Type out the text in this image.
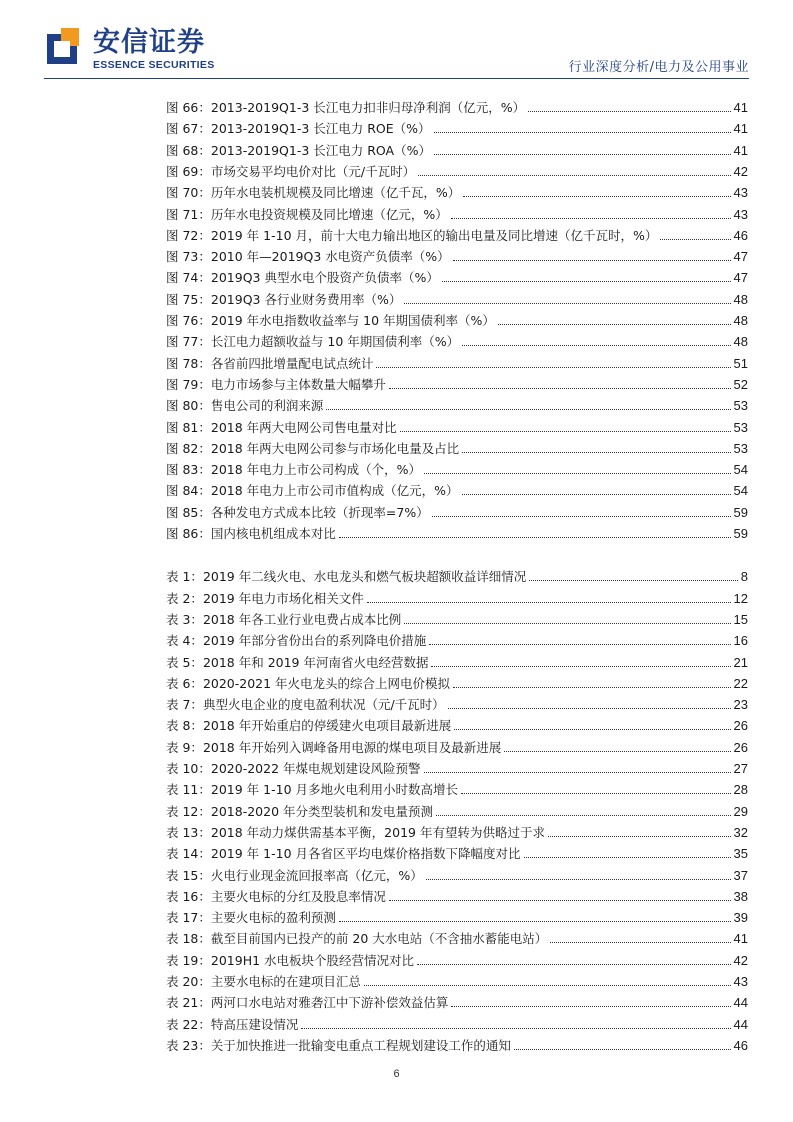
安信证券
ESSENCE SECURITIES	行业深度分析/电力及公用事业
图 66： 2013-2019Q1-3 长江电力扣非归母净利润（亿元，%）	41
图 67： 2013-2019Q1-3 长江电力 ROE（%）	41
图 68： 2013-2019Q1-3 长江电力 ROA（%）	41
图 69： 市场交易平均电价对比（元/千瓦时）	42
图 70： 历年水电装机规模及同比增速（亿千瓦，%）	43
图 71： 历年水电投资规模及同比增速（亿元，%）	43
图 72： 2019 年 1-10 月，前十大电力输出地区的输出电量及同比增速（亿千瓦时，%）	46
图 73： 2010 年—2019Q3 水电资产负债率（%）	47
图 74： 2019Q3 典型水电个股资产负债率（%）	47
图 75： 2019Q3 各行业财务费用率（%）	48
图 76： 2019 年水电指数收益率与 10 年期国债利率（%）	48
图 77： 长江电力超额收益与 10 年期国债利率（%）	48
图 78： 各省前四批增量配电试点统计	51
图 79： 电力市场参与主体数量大幅攀升	52
图 80： 售电公司的利润来源	53
图 81： 2018 年两大电网公司售电量对比	53
图 82： 2018 年两大电网公司参与市场化电量及占比	53
图 83： 2018 年电力上市公司构成（个，%）	54
图 84： 2018 年电力上市公司市值构成（亿元，%）	54
图 85： 各种发电方式成本比较（折现率=7%）	59
图 86： 国内核电机组成本对比	59
表 1： 2019 年二线火电、水电龙头和燃气板块超额收益详细情况	8
表 2： 2019 年电力市场化相关文件	12
表 3： 2018 年各工业行业电费占成本比例	15
表 4： 2019 年部分省份出台的系列降电价措施	16
表 5： 2018 年和 2019 年河南省火电经营数据	21
表 6： 2020-2021 年火电龙头的综合上网电价模拟	22
表 7： 典型火电企业的度电盈利状况（元/千瓦时）	23
表 8： 2018 年开始重启的停缓建火电项目最新进展	26
表 9： 2018 年开始列入调峰备用电源的煤电项目及最新进展	26
表 10： 2020-2022 年煤电规划建设风险预警	27
表 11： 2019 年 1-10 月多地火电利用小时数高增长	28
表 12： 2018-2020 年分类型装机和发电量预测	29
表 13： 2018 年动力煤供需基本平衡，2019 年有望转为供略过于求	32
表 14： 2019 年 1-10 月各省区平均电煤价格指数下降幅度对比	35
表 15： 火电行业现金流回报率高（亿元，%）	37
表 16： 主要火电标的分红及股息率情况	38
表 17： 主要火电标的盈利预测	39
表 18： 截至目前国内已投产的前 20 大水电站（不含抽水蓄能电站）	41
表 19： 2019H1 水电板块个股经营情况对比	42
表 20： 主要水电标的在建项目汇总	43
表 21： 两河口水电站对雅砻江中下游补偿效益估算	44
表 22： 特高压建设情况	44
表 23： 关于加快推进一批输变电重点工程规划建设工作的通知	46
6
